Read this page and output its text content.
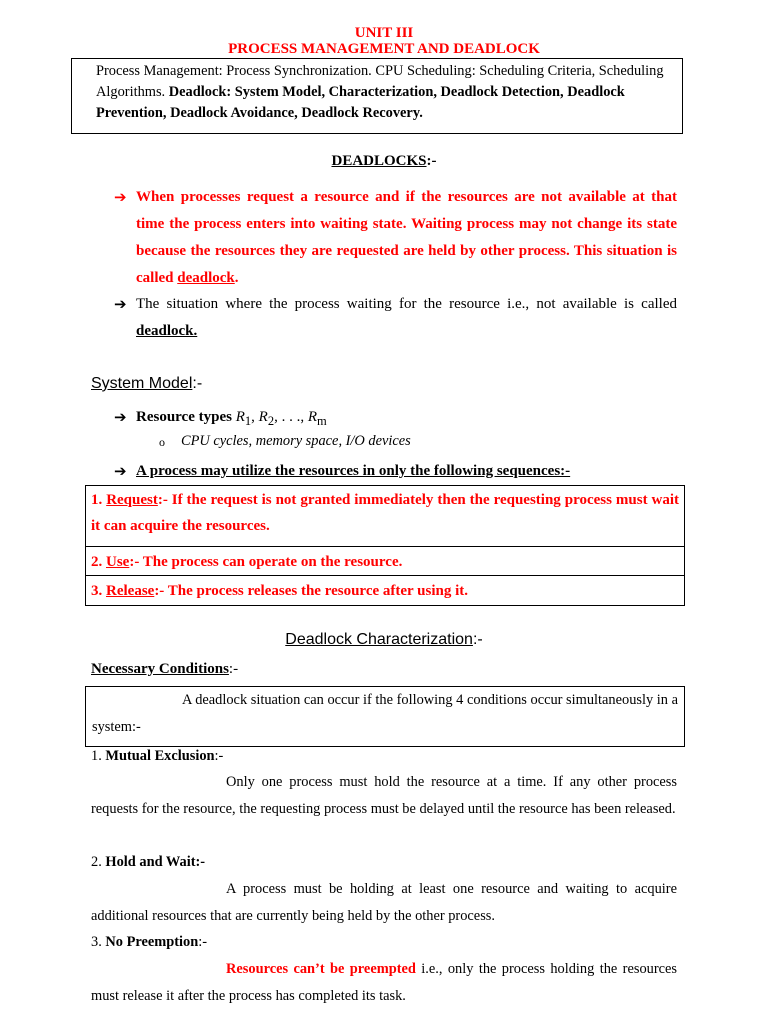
UNIT III
PROCESS MANAGEMENT AND DEADLOCK
Process Management: Process Synchronization. CPU Scheduling: Scheduling Criteria, Scheduling Algorithms. Deadlock: System Model, Characterization, Deadlock Detection, Deadlock Prevention, Deadlock Avoidance, Deadlock Recovery.
DEADLOCKS:-
➔ When processes request a resource and if the resources are not available at that
time the process enters into waiting state. Waiting process may not change its state
because the resources they are requested are held by other process. This situation is
called deadlock.
➔ The situation where the process waiting for the resource i.e., not available is called
deadlock.
System Model:-
➔ Resource types $R_1$, $R_2$, . . ., $R_m$
o CPU cycles, memory space, I/O devices
➔ A process may utilize the resources in only the following sequences:-
1. Request:- If the request is not granted immediately then the requesting process must wait it can acquire the resources.
2. Use:- The process can operate on the resource.
3. Release:- The process releases the resource after using it.
Deadlock Characterization:-
Necessary Conditions:-
A deadlock situation can occur if the following 4 conditions occur simultaneously in a system:-
1. Mutual Exclusion:-
Only one process must hold the resource at a time. If any other process requests for the resource, the requesting process must be delayed until the resource has been released.
2. Hold and Wait:-
A process must be holding at least one resource and waiting to acquire additional resources that are currently being held by the other process.
3. No Preemption:-
Resources can’t be preempted i.e., only the process holding the resources must release it after the process has completed its task.
